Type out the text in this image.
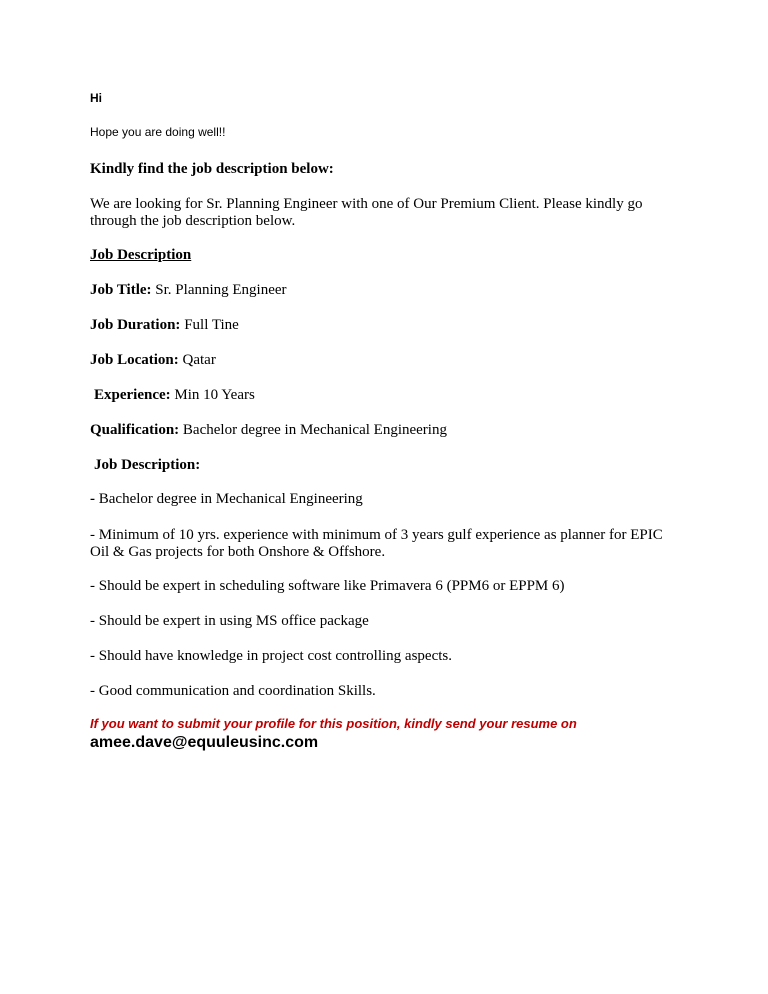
Hi

Hope you are doing well!!

Kindly find the job description below:

We are looking for Sr. Planning Engineer with one of Our Premium Client. Please kindly go

through the job description below.

Job Description

Job Title: Sr. Planning Engineer

Job Duration: Full Tine

Job Location: Qatar

Experience: Min 10 Years

Qualification: Bachelor degree in Mechanical Engineering

Job Description:

- Bachelor degree in Mechanical Engineering

- Minimum of 10 yrs. experience with minimum of 3 years gulf experience as planner for EPIC

Oil & Gas projects for both Onshore & Offshore.

- Should be expert in scheduling software like Primavera 6 (PPM6 or EPPM 6)

- Should be expert in using MS office package

- Should have knowledge in project cost controlling aspects.

- Good communication and coordination Skills.

If you want to submit your profile for this position, kindly send your resume on

amee.dave@equuleusinc.com
